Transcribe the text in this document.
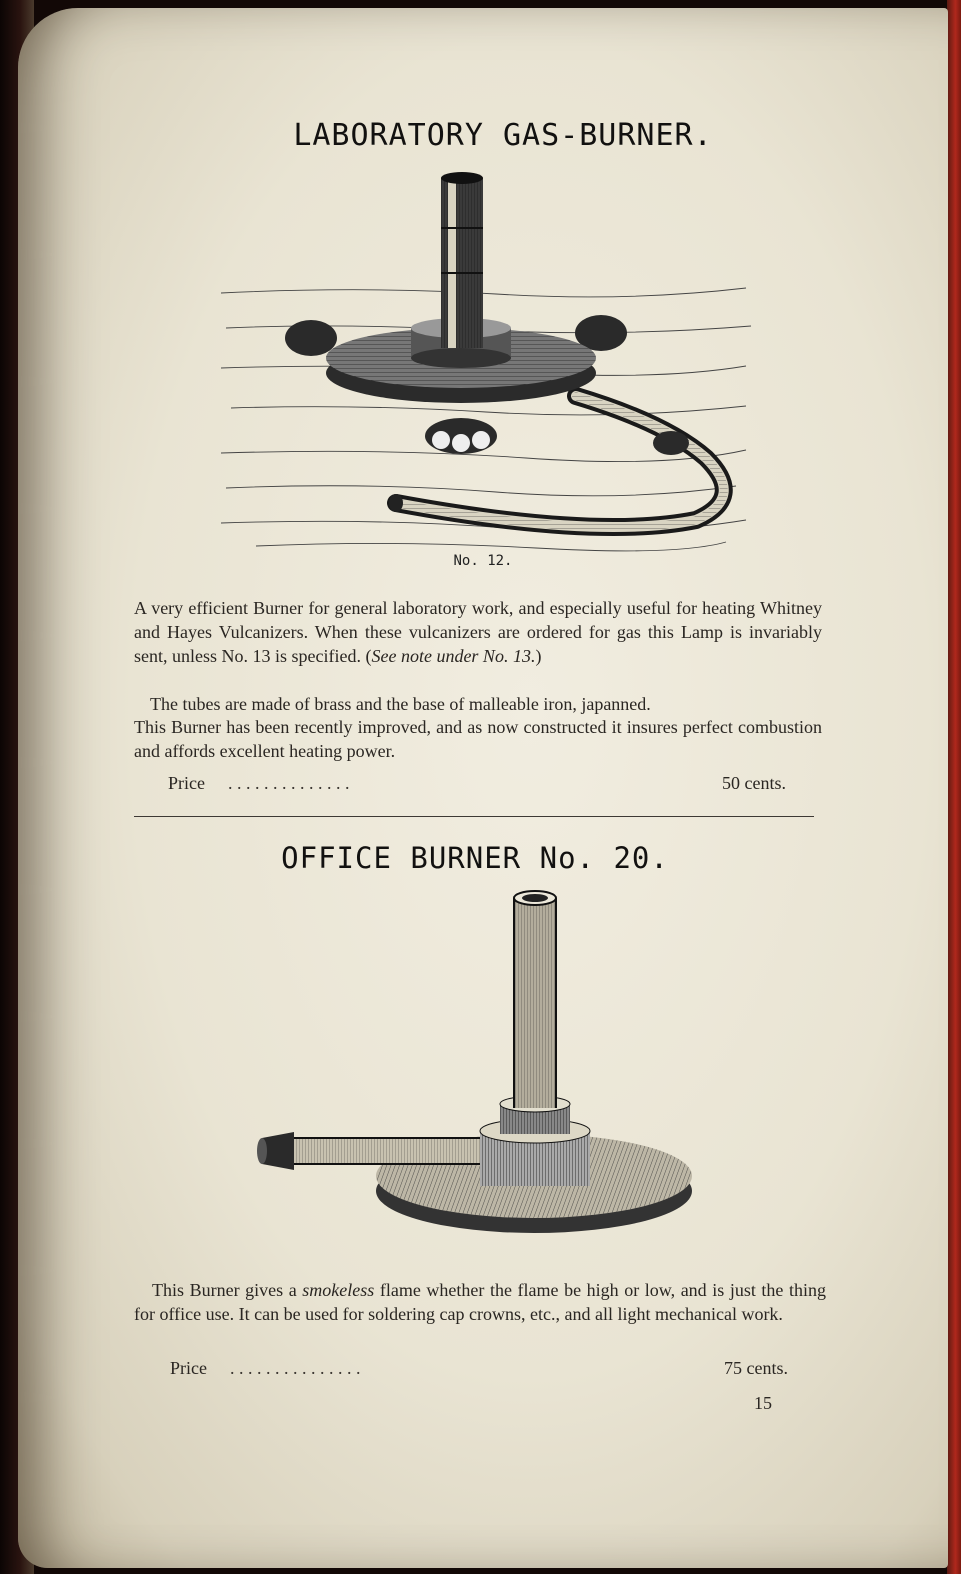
LABORATORY GAS-BURNER.
No. 12.

A very efficient Burner for general laboratory work, and especially useful for heating Whitney and Hayes Vulcanizers. When these vulcanizers are ordered for gas this Lamp is invariably sent, unless No. 13 is specified. (See note under No. 13.)

The tubes are made of brass and the base of malleable iron, japanned.

This Burner has been recently improved, and as now constructed it insures perfect combustion and affords excellent heating power.

Price	. . . . . . . . . . . . . .	50 cents.
OFFICE BURNER No. 20.

This Burner gives a smokeless flame whether the flame be high or low, and is just the thing for office use. It can be used for soldering cap crowns, etc., and all light mechanical work.

Price	. . . . . . . . . . . . . . .	75 cents.
15
